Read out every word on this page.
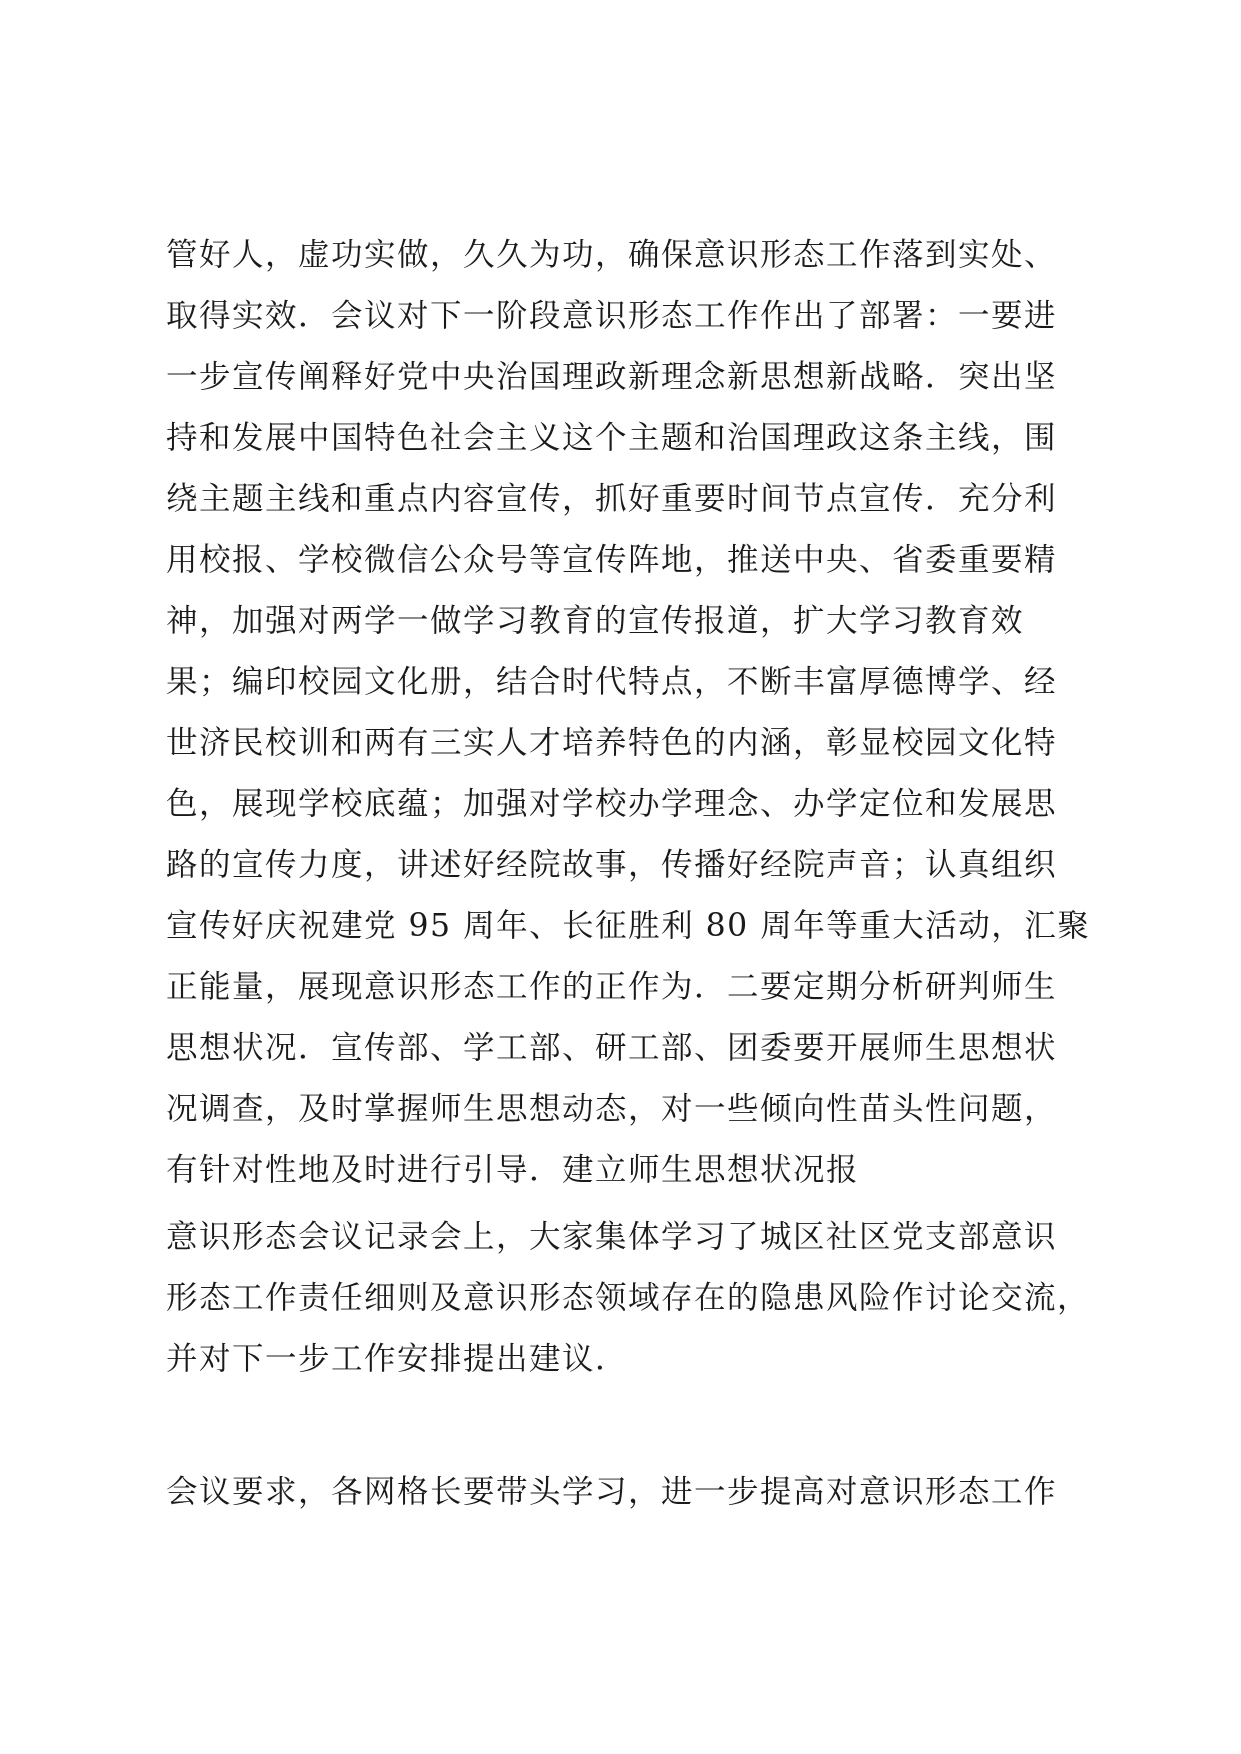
管好人，虚功实做，久久为功，确保意识形态工作落到实处、
取得实效．会议对下一阶段意识形态工作作出了部署：一要进
一步宣传阐释好党中央治国理政新理念新思想新战略．突出坚
持和发展中国特色社会主义这个主题和治国理政这条主线，围
绕主题主线和重点内容宣传，抓好重要时间节点宣传．充分利
用校报、学校微信公众号等宣传阵地，推送中央、省委重要精
神，加强对两学一做学习教育的宣传报道，扩大学习教育效
果；编印校园文化册，结合时代特点，不断丰富厚德博学、经
世济民校训和两有三实人才培养特色的内涵，彰显校园文化特
色，展现学校底蕴；加强对学校办学理念、办学定位和发展思
路的宣传力度，讲述好经院故事，传播好经院声音；认真组织
宣传好庆祝建党 95 周年、长征胜利 80 周年等重大活动，汇聚
正能量，展现意识形态工作的正作为．二要定期分析研判师生
思想状况．宣传部、学工部、研工部、团委要开展师生思想状
况调查，及时掌握师生思想动态，对一些倾向性苗头性问题，
有针对性地及时进行引导．建立师生思想状况报
意识形态会议记录会上，大家集体学习了城区社区党支部意识
形态工作责任细则及意识形态领域存在的隐患风险作讨论交流，
并对下一步工作安排提出建议．
会议要求，各网格长要带头学习，进一步提高对意识形态工作
